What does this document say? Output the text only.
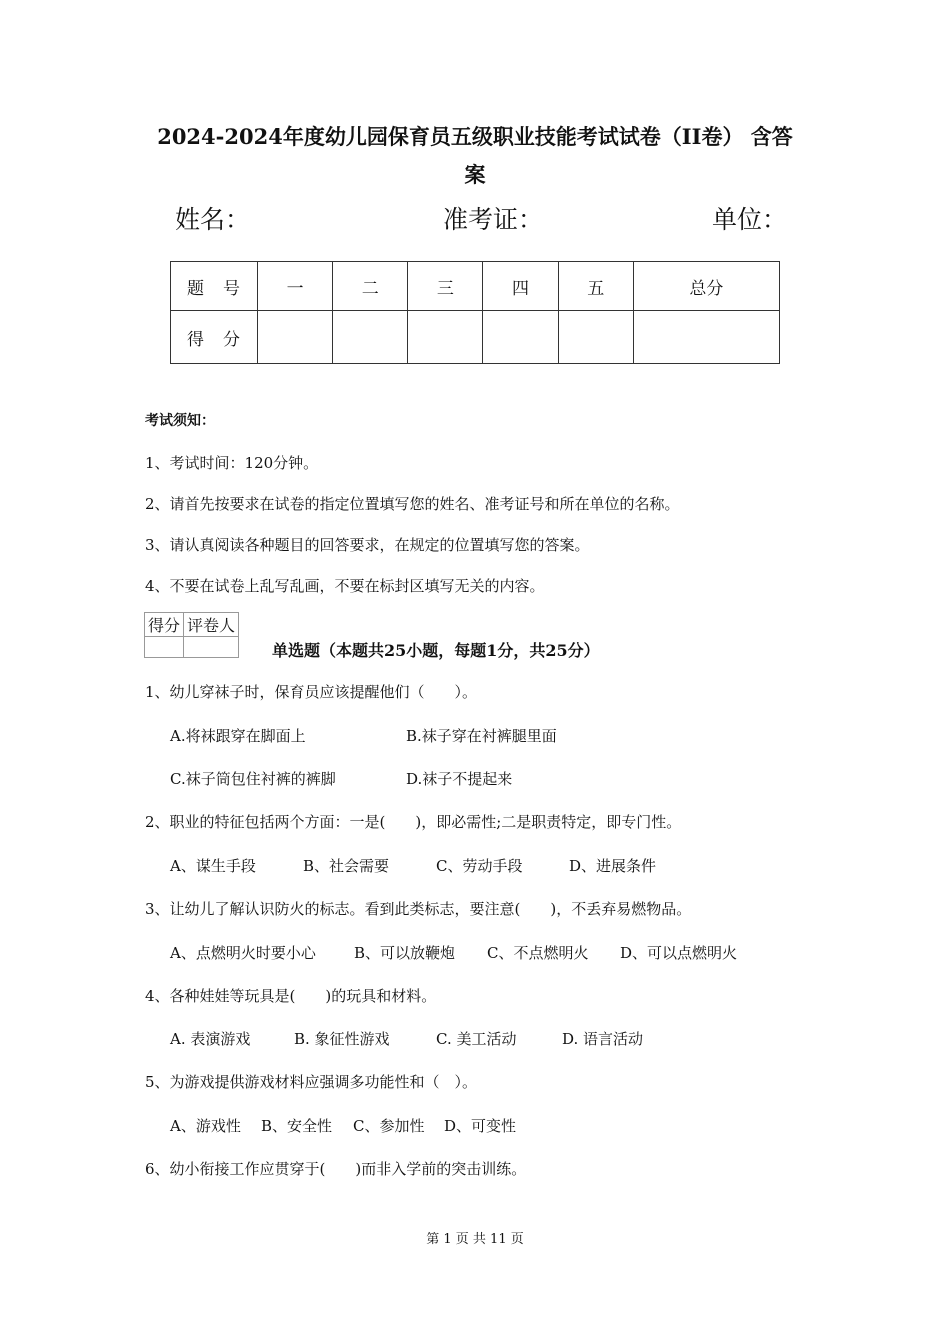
2024-2024年度幼儿园保育员五级职业技能考试试卷（II卷） 含答
案
姓名：	准考证：	单位：
题　号	一	二	三	四	五	总分
得　分						
考试须知：
1、考试时间：120分钟。
2、请首先按要求在试卷的指定位置填写您的姓名、准考证号和所在单位的名称。
3、请认真阅读各种题目的回答要求，在规定的位置填写您的答案。
4、不要在试卷上乱写乱画，不要在标封区填写无关的内容。
得分	评卷人

单选题（本题共25小题，每题1分，共25分）
1、幼儿穿袜子时，保育员应该提醒他们（　　）。
A.将袜跟穿在脚面上	B.袜子穿在衬裤腿里面
C.袜子筒包住衬裤的裤脚	D.袜子不提起来
2、职业的特征包括两个方面：一是(　　)，即必需性;二是职责特定，即专门性。
A、谋生手段	B、社会需要	C、劳动手段	D、进展条件
3、让幼儿了解认识防火的标志。看到此类标志，要注意(　　)，不丢弃易燃物品。
A、点燃明火时要小心	B、可以放鞭炮 C、不点燃明火 D、可以点燃明火
4、各种娃娃等玩具是(　　)的玩具和材料。
A. 表演游戏	B. 象征性游戏	C. 美工活动	D. 语言活动
5、为游戏提供游戏材料应强调多功能性和（　）。
A、游戏性 B、安全性 C、参加性 D、可变性
6、幼小衔接工作应贯穿于(　　)而非入学前的突击训练。
第 1 页 共 11 页
